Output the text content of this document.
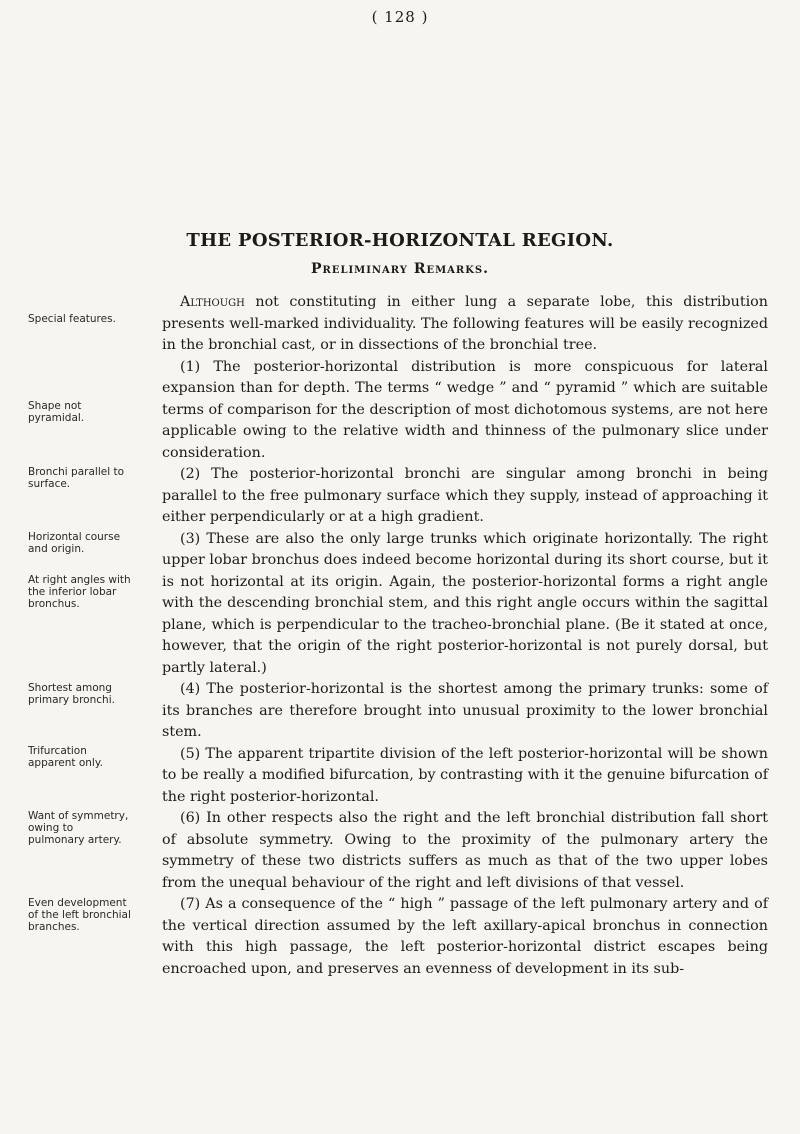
( 128 )
THE POSTERIOR-HORIZONTAL REGION.
Preliminary Remarks.
Special features.
Shape not pyramidal.
Bronchi parallel to surface.
Horizontal course and origin.
At right angles with the inferior lobar bronchus.
Shortest among primary bronchi.
Trifurcation apparent only.
Want of symmetry, owing to pulmonary artery.
Even development of the left bronchial branches.

Although not constituting in either lung a separate lobe, this distribution presents well-marked individuality. The following features will be easily recognized in the bronchial cast, or in dissections of the bronchial tree.

(1) The posterior-horizontal distribution is more conspicuous for lateral expansion than for depth. The terms “ wedge ” and “ pyramid ” which are suitable terms of comparison for the description of most dichotomous systems, are not here applicable owing to the relative width and thinness of the pulmonary slice under consideration.

(2) The posterior-horizontal bronchi are singular among bronchi in being parallel to the free pulmonary surface which they supply, instead of approaching it either perpendicularly or at a high gradient.

(3) These are also the only large trunks which originate horizontally. The right upper lobar bronchus does indeed become horizontal during its short course, but it is not horizontal at its origin. Again, the posterior-horizontal forms a right angle with the descending bronchial stem, and this right angle occurs within the sagittal plane, which is perpendicular to the tracheo-bronchial plane. (Be it stated at once, however, that the origin of the right posterior-horizontal is not purely dorsal, but partly lateral.)

(4) The posterior-horizontal is the shortest among the primary trunks: some of its branches are therefore brought into unusual proximity to the lower bronchial stem.

(5) The apparent tripartite division of the left posterior-horizontal will be shown to be really a modified bifurcation, by contrasting with it the genuine bifurcation of the right posterior-horizontal.

(6) In other respects also the right and the left bronchial distribution fall short of absolute symmetry. Owing to the proximity of the pulmonary artery the symmetry of these two districts suffers as much as that of the two upper lobes from the unequal behaviour of the right and left divisions of that vessel.

(7) As a consequence of the “ high ” passage of the left pulmonary artery and of the vertical direction assumed by the left axillary-apical bronchus in connection with this high passage, the left posterior-horizontal district escapes being encroached upon, and preserves an evenness of development in its sub-
